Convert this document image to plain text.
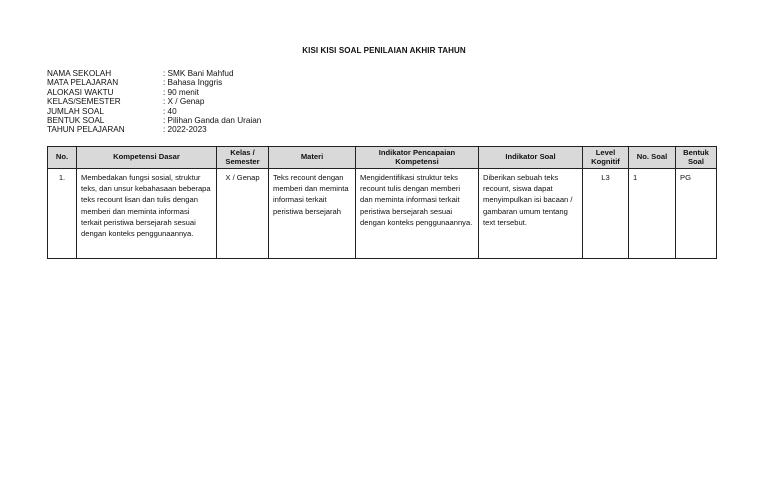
KISI KISI SOAL PENILAIAN AKHIR TAHUN
NAMA SEKOLAH	: SMK Bani Mahfud
MATA PELAJARAN	: Bahasa Inggris
ALOKASI WAKTU	: 90 menit
KELAS/SEMESTER	: X / Genap
JUMLAH SOAL	: 40
BENTUK SOAL	: Pilihan Ganda dan Uraian
TAHUN PELAJARAN	: 2022-2023
No.	Kompetensi Dasar	Kelas / Semester	Materi	Indikator Pencapaian Kompetensi	Indikator Soal	Level Kognitif	No. Soal	Bentuk Soal
1.	Membedakan fungsi sosial, struktur teks, dan unsur kebahasaan beberapa teks recount lisan dan tulis dengan memberi dan meminta informasi terkait peristiwa bersejarah sesuai dengan konteks penggunaannya.	X / Genap	Teks recount dengan memberi dan meminta informasi terkait peristiwa bersejarah	Mengidentifikasi struktur teks recount tulis dengan memberi dan meminta informasi terkait peristiwa bersejarah sesuai dengan konteks penggunaannya.	Diberikan sebuah teks recount, siswa dapat menyimpulkan isi bacaan / gambaran umum tentang text tersebut.	L3	1	PG
